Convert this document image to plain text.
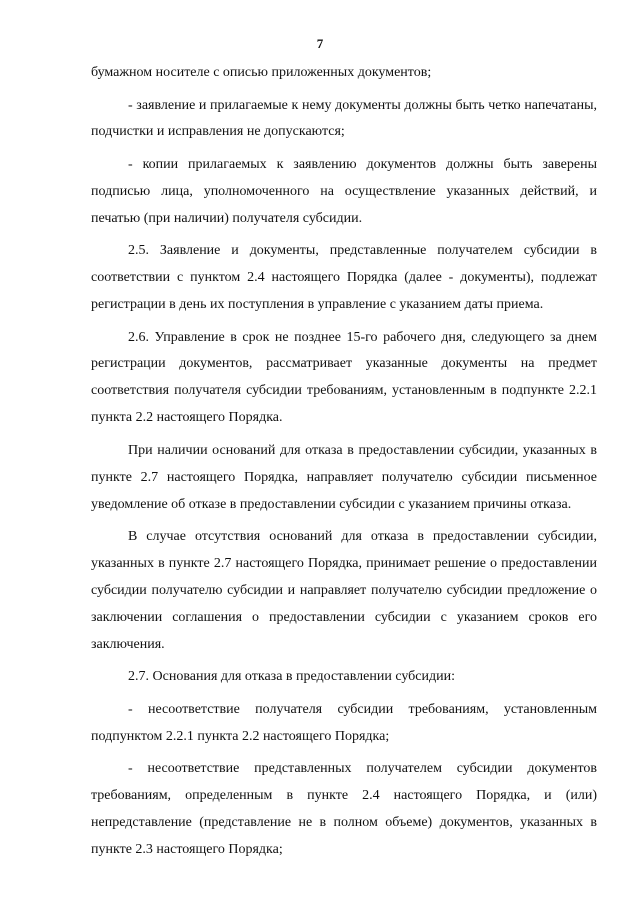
7

бумажном носителе с описью приложенных документов;

- заявление и прилагаемые к нему документы должны быть четко напечатаны, подчистки и исправления не допускаются;

- копии прилагаемых к заявлению документов должны быть заверены подписью лица, уполномоченного на осуществление указанных действий, и печатью (при наличии) получателя субсидии.

2.5. Заявление и документы, представленные получателем субсидии в соответствии с пунктом 2.4 настоящего Порядка (далее - документы), подлежат регистрации в день их поступления в управление с указанием даты приема.

2.6. Управление в срок не позднее 15-го рабочего дня, следующего за днем регистрации документов, рассматривает указанные документы на предмет соответствия получателя субсидии требованиям, установленным в подпункте 2.2.1 пункта 2.2 настоящего Порядка.

При наличии оснований для отказа в предоставлении субсидии, указанных в пункте 2.7 настоящего Порядка, направляет получателю субсидии письменное уведомление об отказе в предоставлении субсидии с указанием причины отказа.

В случае отсутствия оснований для отказа в предоставлении субсидии, указанных в пункте 2.7 настоящего Порядка, принимает решение о предоставлении субсидии получателю субсидии и направляет получателю субсидии предложение о заключении соглашения о предоставлении субсидии с указанием сроков его заключения.

2.7. Основания для отказа в предоставлении субсидии:

- несоответствие получателя субсидии требованиям, установленным подпунктом 2.2.1 пункта 2.2 настоящего Порядка;

- несоответствие представленных получателем субсидии документов требованиям, определенным в пункте 2.4 настоящего Порядка, и (или) непредставление (представление не в полном объеме) документов, указанных в пункте 2.3 настоящего Порядка;
